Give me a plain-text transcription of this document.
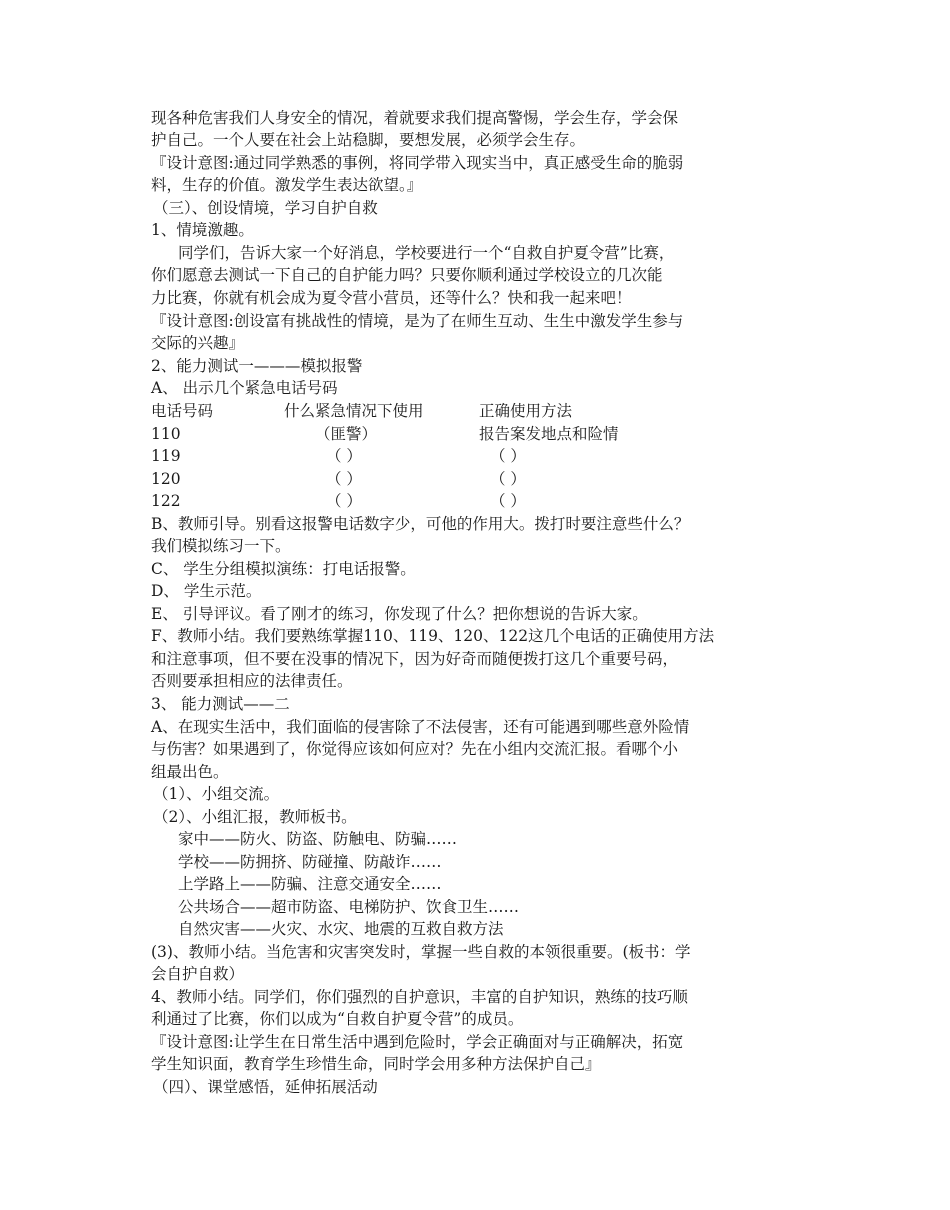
现各种危害我们人身安全的情况，着就要求我们提高警惕，学会生存，学会保
护自己。一个人要在社会上站稳脚，要想发展，必须学会生存。
『设计意图:通过同学熟悉的事例，将同学带入现实当中，真正感受生命的脆弱
料，生存的价值。激发学生表达欲望。』
（三）、创设情境，学习自护自救
1、情境激趣。
同学们，告诉大家一个好消息，学校要进行一个“自救自护夏令营”比赛，
你们愿意去测试一下自己的自护能力吗？只要你顺利通过学校设立的几次能
力比赛，你就有机会成为夏令营小营员，还等什么？快和我一起来吧！
『设计意图:创设富有挑战性的情境，是为了在师生互动、生生中激发学生参与
交际的兴趣』
2、能力测试一———模拟报警
A、 出示几个紧急电话号码
电话号码	什么紧急情况下使用	正确使用方法
110	（匪警）	报告案发地点和险情
119	（ ）	（ ）
120	（ ）	（ ）
122	（ ）	（ ）
B、教师引导。别看这报警电话数字少，可他的作用大。拨打时要注意些什么？
我们模拟练习一下。
C、 学生分组模拟演练：打电话报警。
D、 学生示范。
E、 引导评议。看了刚才的练习，你发现了什么？把你想说的告诉大家。
F、教师小结。我们要熟练掌握110、119、120、122这几个电话的正确使用方法
和注意事项，但不要在没事的情况下，因为好奇而随便拨打这几个重要号码，
否则要承担相应的法律责任。
3、 能力测试——二
A、在现实生活中，我们面临的侵害除了不法侵害，还有可能遇到哪些意外险情
与伤害？如果遇到了，你觉得应该如何应对？先在小组内交流汇报。看哪个小
组最出色。
（1）、小组交流。
（2）、小组汇报，教师板书。
家中——防火、防盗、防触电、防骗……
学校——防拥挤、防碰撞、防敲诈……
上学路上——防骗、注意交通安全……
公共场合——超市防盗、电梯防护、饮食卫生……
自然灾害——火灾、水灾、地震的互救自救方法
(3)、教师小结。当危害和灾害突发时，掌握一些自救的本领很重要。(板书：学
会自护自救）
4、教师小结。同学们，你们强烈的自护意识，丰富的自护知识，熟练的技巧顺
利通过了比赛，你们以成为“自救自护夏令营”的成员。
『设计意图:让学生在日常生活中遇到危险时，学会正确面对与正确解决，拓宽
学生知识面，教育学生珍惜生命，同时学会用多种方法保护自己』
（四）、课堂感悟，延伸拓展活动
